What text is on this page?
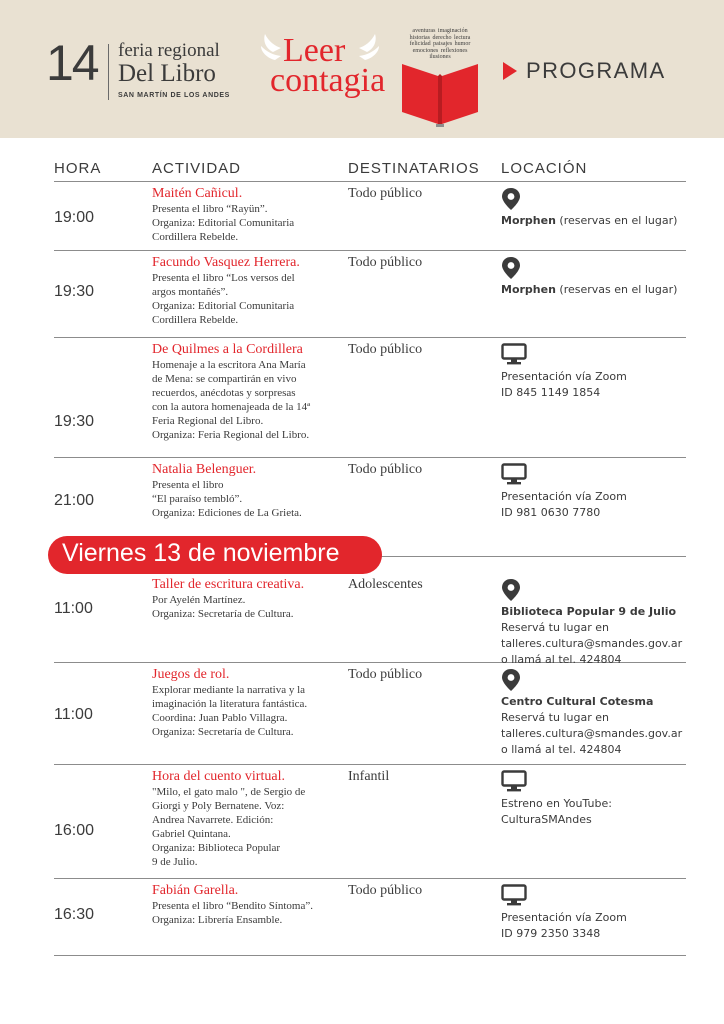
14 feria regional
Del Libro
SAN MARTÍN DE LOS ANDES
Leer
contagia
aventuras imaginación historias derecho lectura felicidad paisajes humor emociones reflexiones ilusiones
PROGRAMA
HORA	ACTIVIDAD	DESTINATARIOS LOCACIÓN
Viernes 13 de noviembre
19:00
Maitén Cañicul.
Presenta el libro “Rayün”.
Organiza: Editorial Comunitaria
Cordillera Rebelde.
Todo público
Morphen (reservas en el lugar)
19:30
Facundo Vasquez Herrera.
Presenta el libro “Los versos del
argos montañés”.
Organiza: Editorial Comunitaria
Cordillera Rebelde.
Todo público
Morphen (reservas en el lugar)
19:30
De Quilmes a la Cordillera
Homenaje a la escritora Ana María
de Mena: se compartirán en vivo
recuerdos, anécdotas y sorpresas
con la autora homenajeada de la 14ª
Feria Regional del Libro.
Organiza: Feria Regional del Libro.
Todo público
Presentación vía Zoom
ID 845 1149 1854
21:00
Natalia Belenguer.
Presenta el libro
“El paraíso tembló”.
Organiza: Ediciones de La Grieta.
Todo público
Presentación vía Zoom
ID 981 0630 7780
11:00
Taller de escritura creativa.
Por Ayelén Martínez.
Organiza: Secretaría de Cultura.
Adolescentes
Biblioteca Popular 9 de Julio
Reservá tu lugar en
talleres.cultura@smandes.gov.ar
o llamá al tel. 424804
11:00
Juegos de rol.
Explorar mediante la narrativa y la
imaginación la literatura fantástica.
Coordina: Juan Pablo Villagra.
Organiza: Secretaría de Cultura.
Todo público
Centro Cultural Cotesma
Reservá tu lugar en
talleres.cultura@smandes.gov.ar
o llamá al tel. 424804
16:00
Hora del cuento virtual.
"Milo, el gato malo ", de Sergio de
Giorgi y Poly Bernatene. Voz:
Andrea Navarrete. Edición:
Gabriel Quintana.
Organiza: Biblioteca Popular
9 de Julio.
Infantil
Estreno en YouTube:
CulturaSMAndes
16:30
Fabián Garella.
Presenta el libro “Bendito Síntoma”.
Organiza: Librería Ensamble.
Todo público
Presentación vía Zoom
ID 979 2350 3348
